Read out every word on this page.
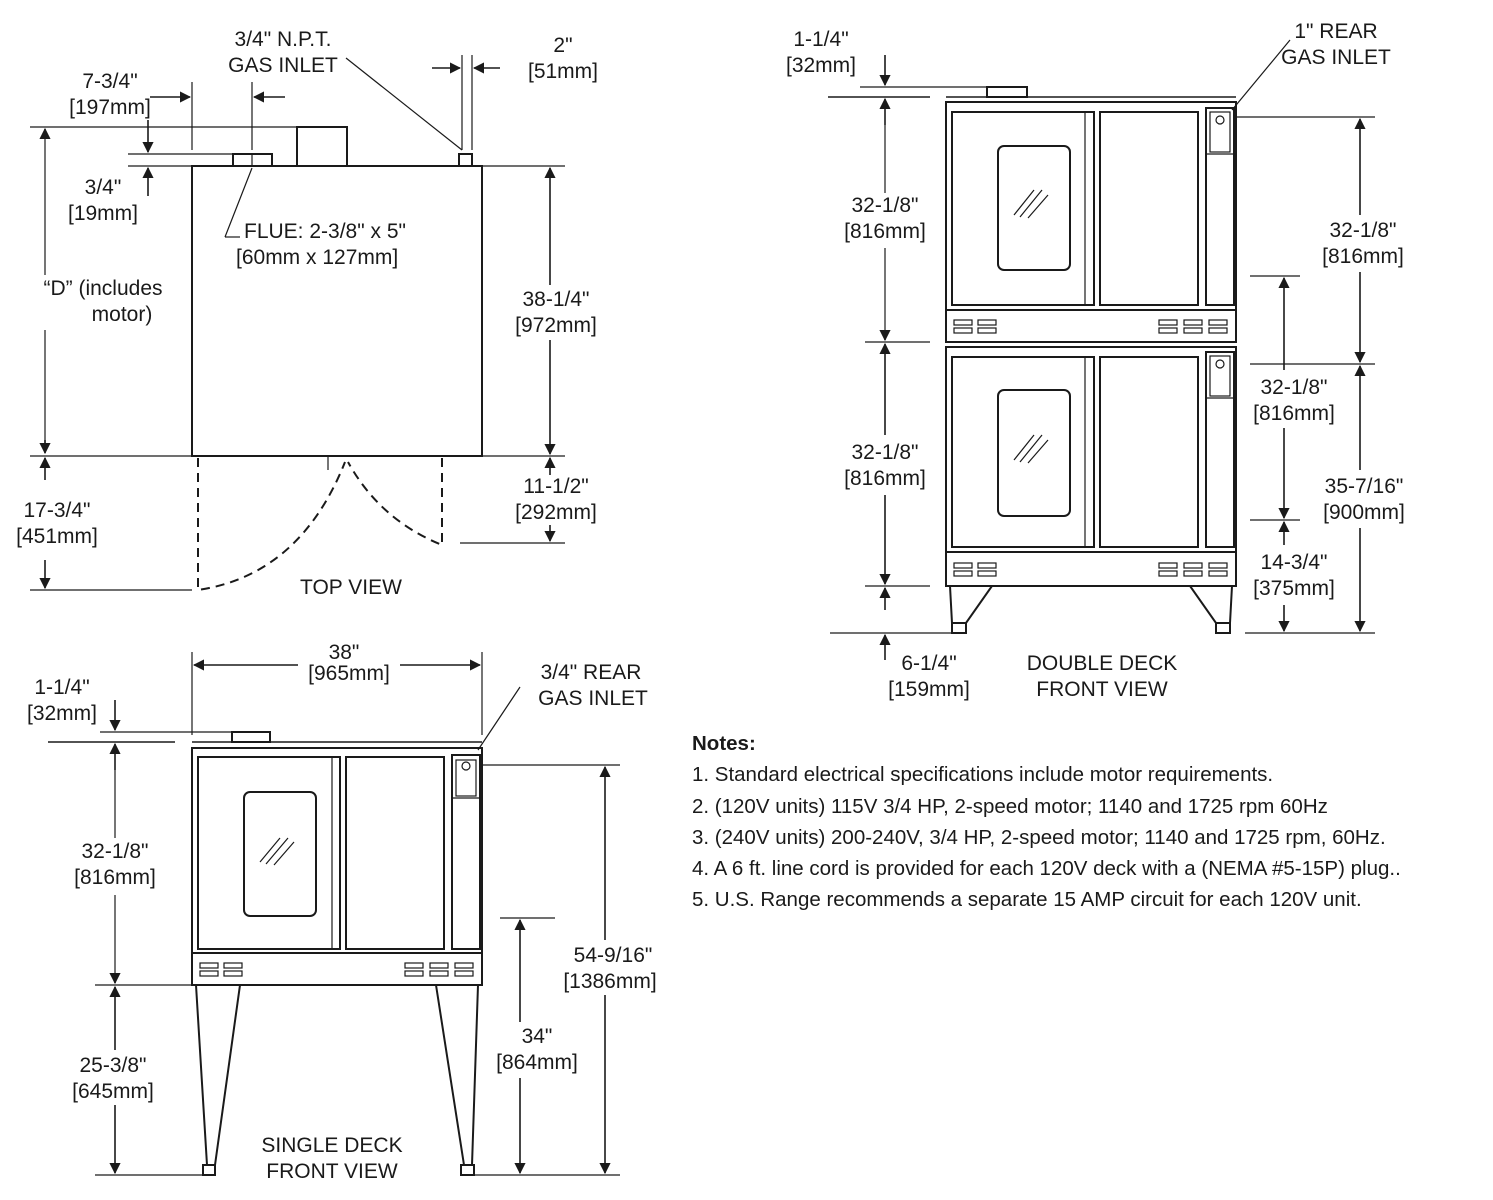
TOP VIEW
3/4" N.P.T.
GAS INLET
2"
[51mm]
7-3/4"
[197mm]
3/4"
[19mm]
FLUE: 2-3/8" x 5"
[60mm x 127mm]
“D” (includes
motor)
38-1/4"
[972mm]
11-1/2"
[292mm]
17-3/4"
[451mm]
38"
[965mm]	3/4" REAR
GAS INLET
1-1/4"
[32mm]
32-1/8"
[816mm]
54-9/16"
[1386mm]
34"
[864mm]
25-3/8"
[645mm]
SINGLE DECK
FRONT VIEW
1-1/4"
[32mm]
1" REAR
GAS INLET
32-1/8"
[816mm]	32-1/8"
[816mm]
32-1/8"
[816mm]
32-1/8"
[816mm]	35-7/16"
[900mm]
14-3/4"
[375mm]
6-1/4"
[159mm]
DOUBLE DECK
FRONT VIEW
Notes:
1. Standard electrical specifications include motor requirements.
2. (120V units) 115V 3/4 HP, 2-speed motor; 1140 and 1725 rpm 60Hz
3. (240V units) 200-240V, 3/4 HP, 2-speed motor; 1140 and 1725 rpm, 60Hz.
4. A 6 ft. line cord is provided for each 120V deck with a (NEMA #5-15P) plug..
5. U.S. Range recommends a separate 15 AMP circuit for each 120V unit.
